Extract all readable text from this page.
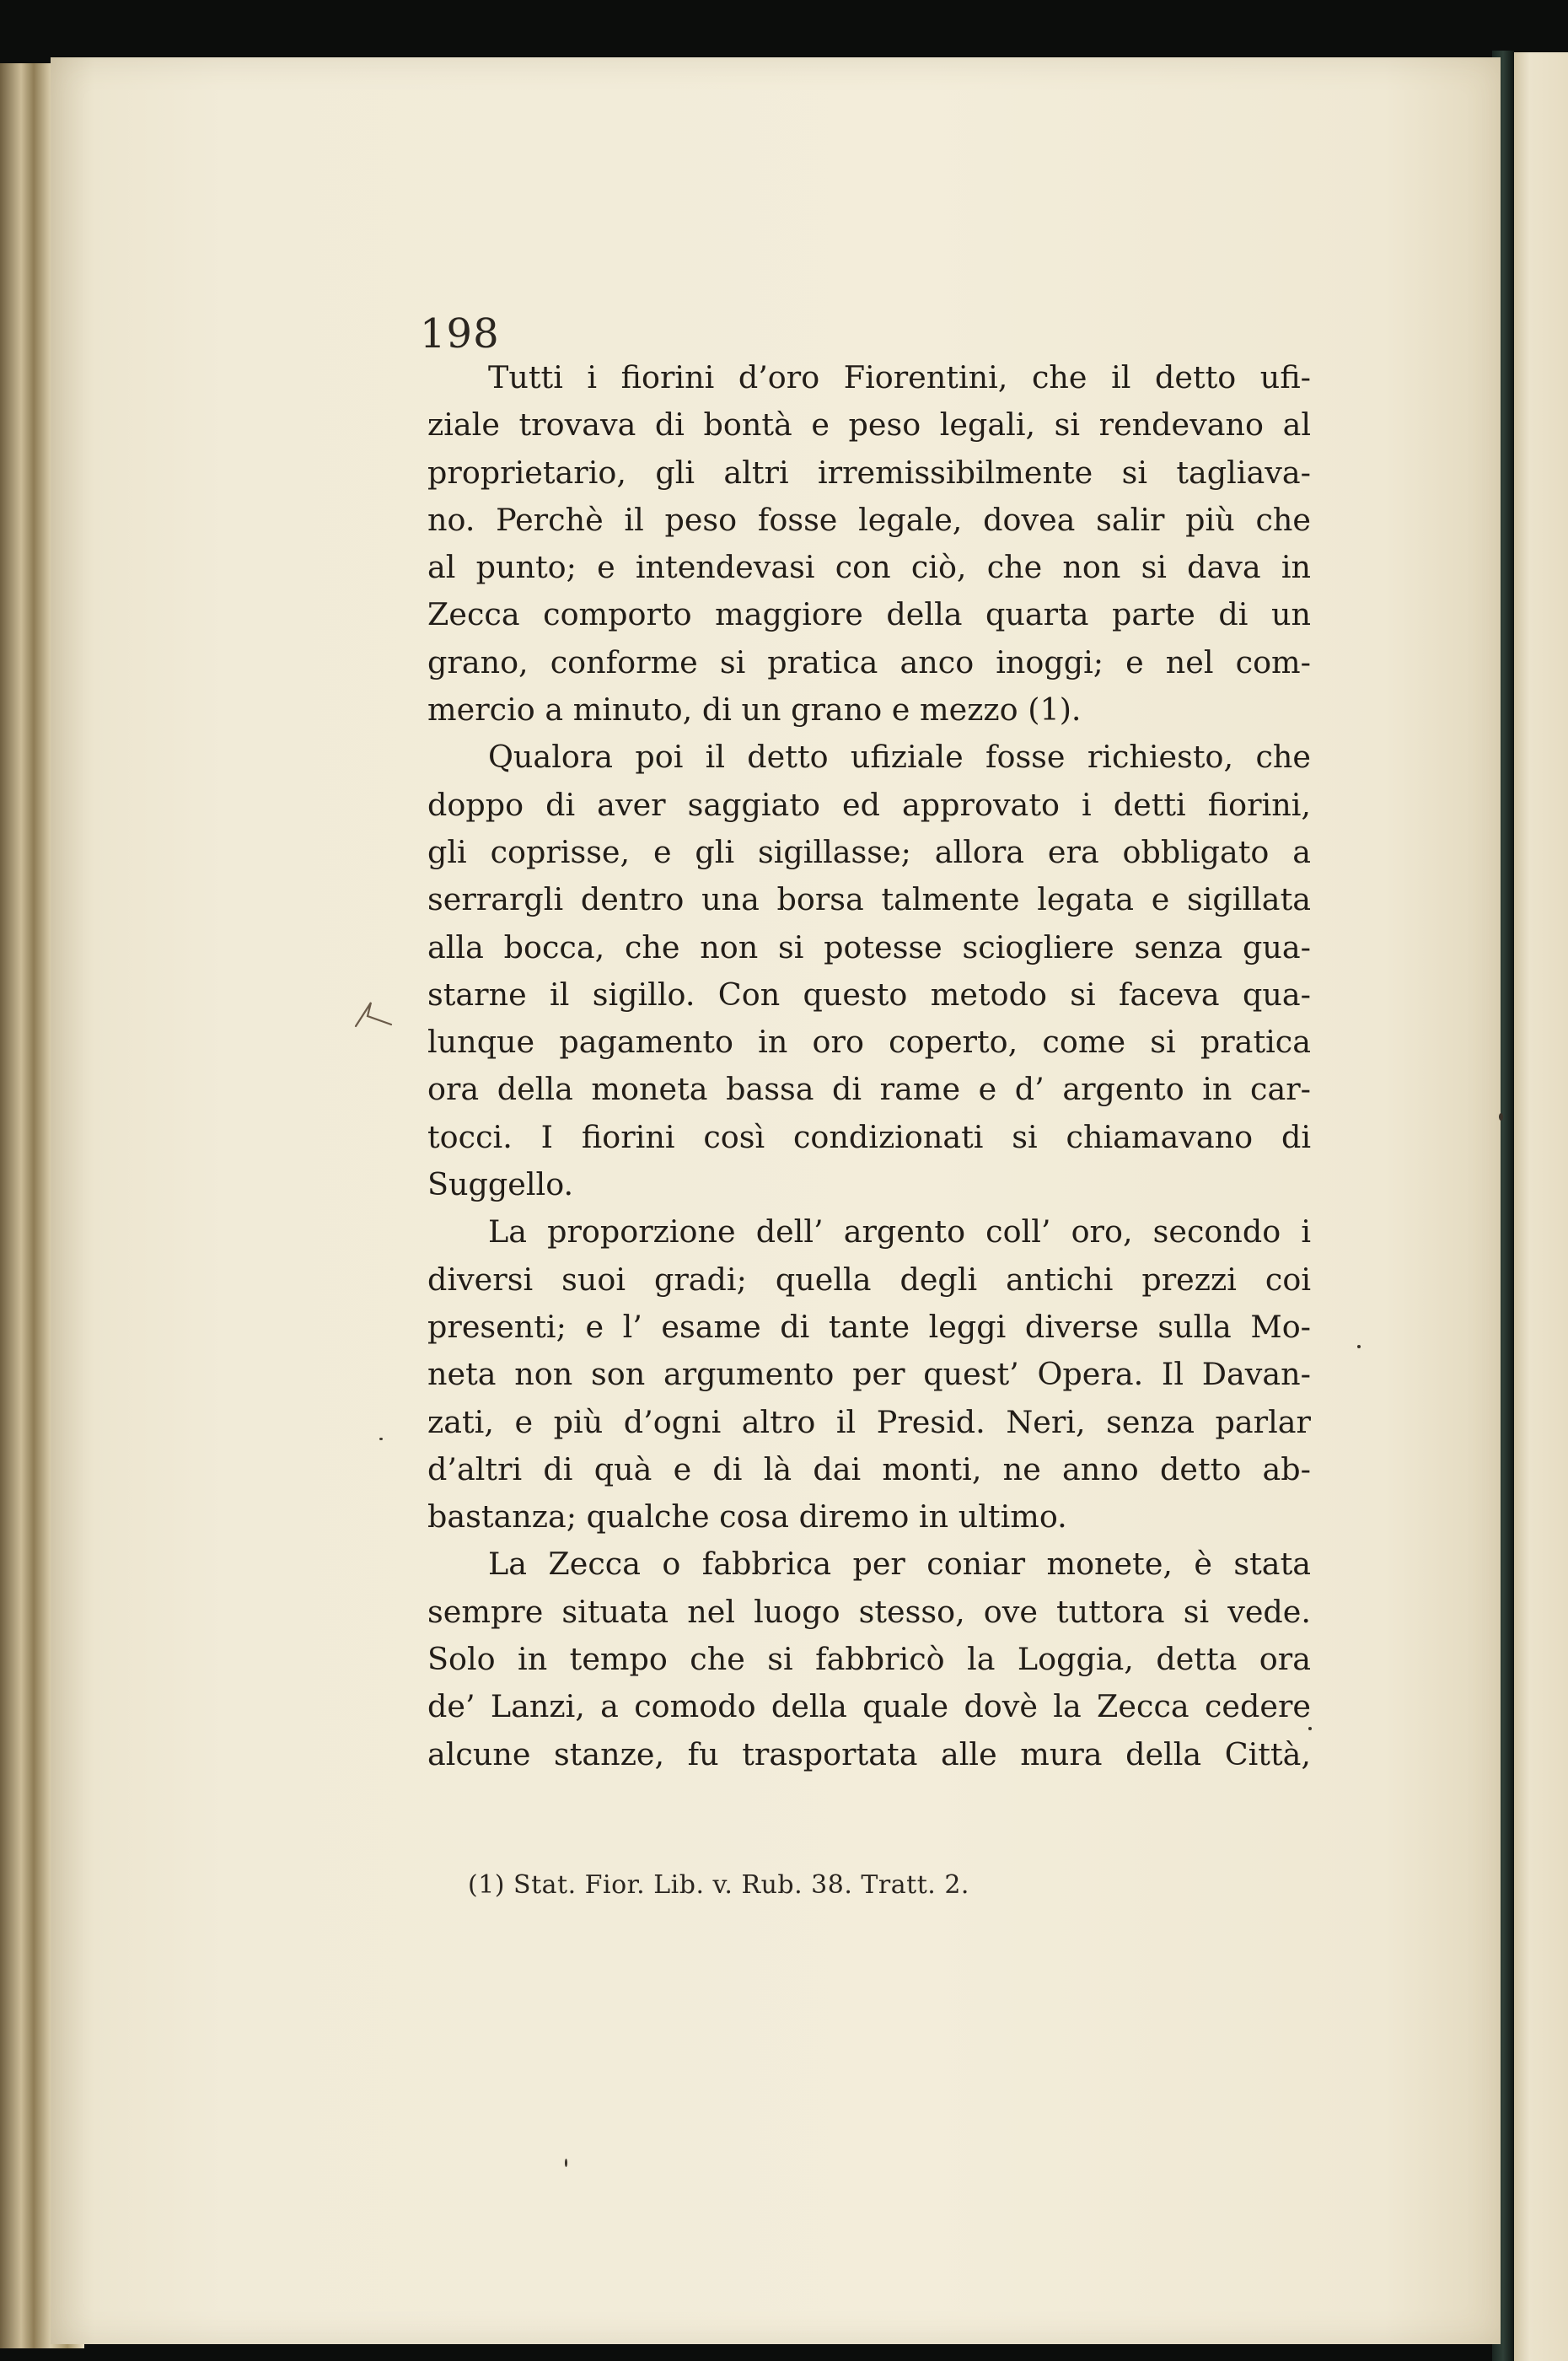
198
Tutti i fiorini d’oro Fiorentini, che il detto ufi-
ziale trovava di bontà e peso legali, si rendevano al
proprietario, gli altri irremissibilmente si tagliava-
no. Perchè il peso fosse legale, dovea salir più che
al punto; e intendevasi con ciò, che non si dava in
Zecca comporto maggiore della quarta parte di un
grano, conforme si pratica anco inoggi; e nel com-
mercio a minuto, di un grano e mezzo (1).
Qualora poi il detto ufiziale fosse richiesto, che
doppo di aver saggiato ed approvato i detti fiorini,
gli coprisse, e gli sigillasse; allora era obbligato a
serrargli dentro una borsa talmente legata e sigillata
alla bocca, che non si potesse sciogliere senza gua-
starne il sigillo. Con questo metodo si faceva qua-
lunque pagamento in oro coperto, come si pratica
ora della moneta bassa di rame e d’ argento in car-
tocci. I fiorini così condizionati si chiamavano di
Suggello.
La proporzione dell’ argento coll’ oro, secondo i
diversi suoi gradi; quella degli antichi prezzi coi
presenti; e l’ esame di tante leggi diverse sulla Mo-
neta non son argumento per quest’ Opera. Il Davan-
zati, e più d’ogni altro il Presid. Neri, senza parlar
d’altri di quà e di là dai monti, ne anno detto ab-
bastanza; qualche cosa diremo in ultimo.
La Zecca o fabbrica per coniar monete, è stata
sempre situata nel luogo stesso, ove tuttora si vede.
Solo in tempo che si fabbricò la Loggia, detta ora
de’ Lanzi, a comodo della quale dovè la Zecca cedere
alcune stanze, fu trasportata alle mura della Città,
(1) Stat. Fior. Lib. v. Rub. 38. Tratt. 2.
